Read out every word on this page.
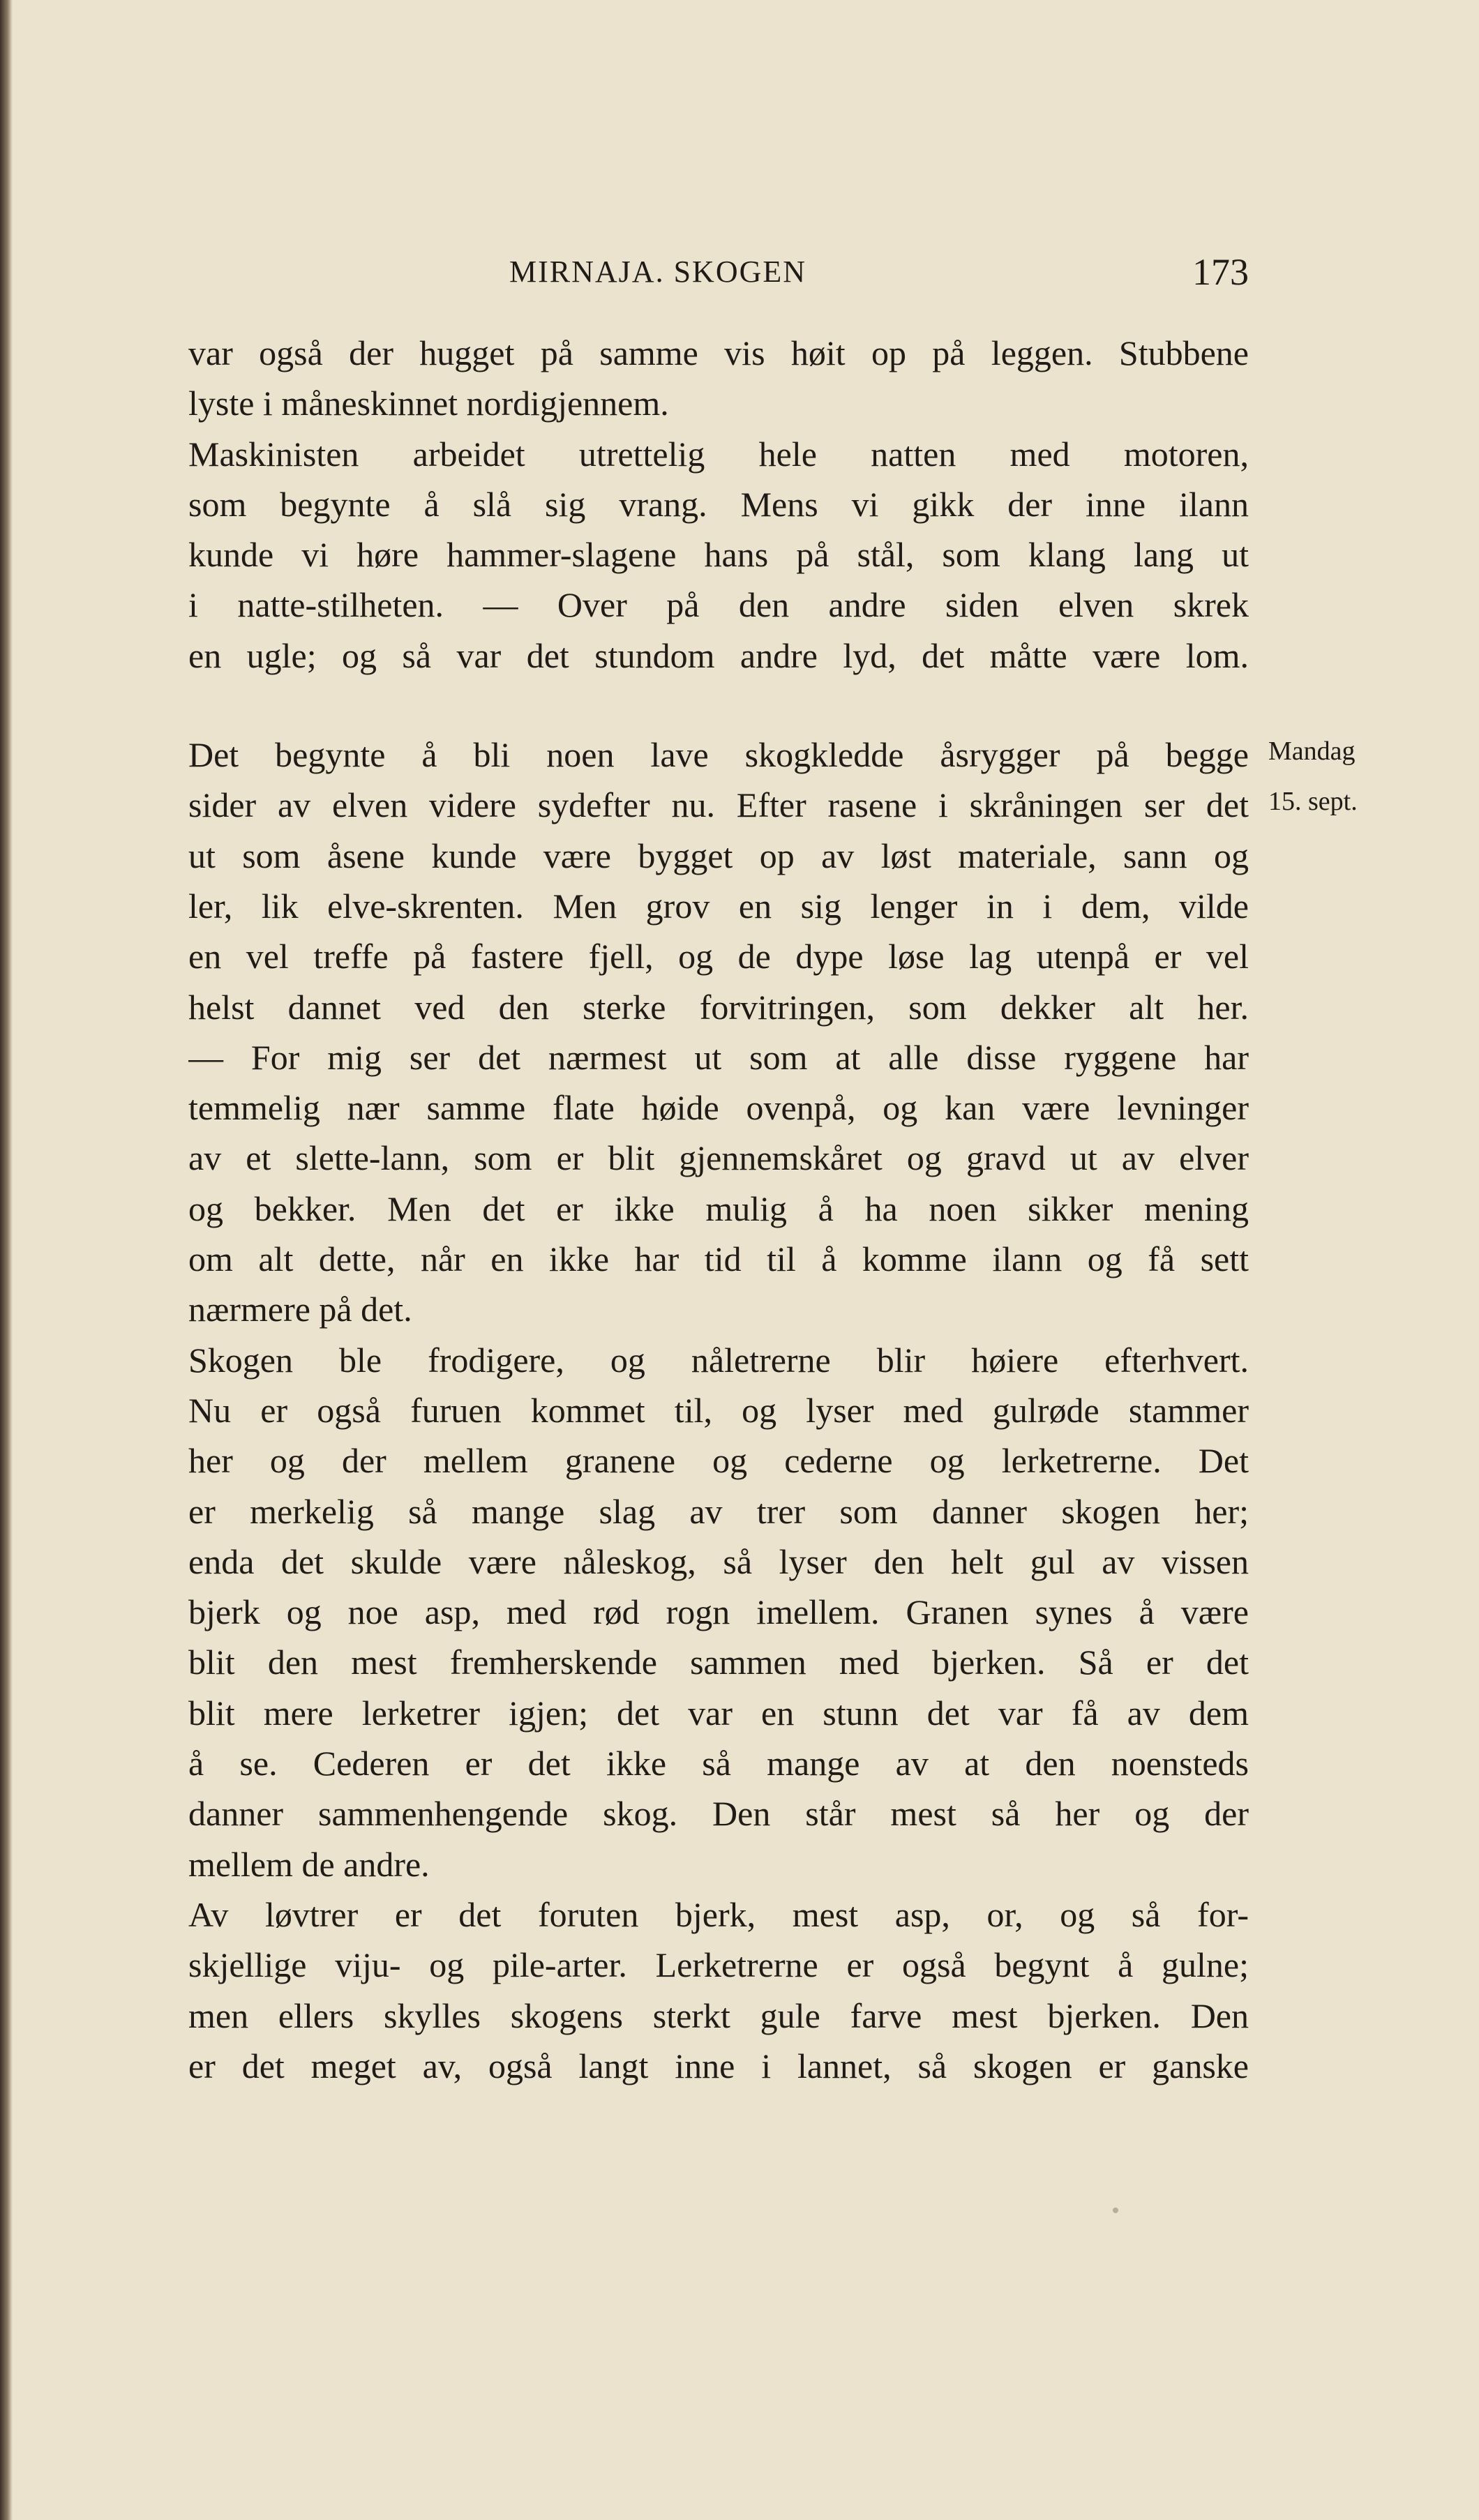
MIRNAJA. SKOGEN	173
Mandag
15. sept.
var også der hugget på samme vis høit op på leggen. Stubbene
lyste i måneskinnet nordigjennem.
Maskinisten arbeidet utrettelig hele natten med motoren,
som begynte å slå sig vrang. Mens vi gikk der inne ilann
kunde vi høre hammer-slagene hans på stål, som klang lang ut
i natte-stilheten. — Over på den andre siden elven skrek
en ugle; og så var det stundom andre lyd, det måtte være lom.
Det begynte å bli noen lave skogkledde åsrygger på begge
sider av elven videre sydefter nu. Efter rasene i skråningen ser det
ut som åsene kunde være bygget op av løst materiale, sann og
ler, lik elve-skrenten. Men grov en sig lenger in i dem, vilde
en vel treffe på fastere fjell, og de dype løse lag utenpå er vel
helst dannet ved den sterke forvitringen, som dekker alt her.
— For mig ser det nærmest ut som at alle disse ryggene har
temmelig nær samme flate høide ovenpå, og kan være levninger
av et slette-lann, som er blit gjennemskåret og gravd ut av elver
og bekker. Men det er ikke mulig å ha noen sikker mening
om alt dette, når en ikke har tid til å komme ilann og få sett
nærmere på det.
Skogen ble frodigere, og nåletrerne blir høiere efterhvert.
Nu er også furuen kommet til, og lyser med gulrøde stammer
her og der mellem granene og cederne og lerketrerne. Det
er merkelig så mange slag av trer som danner skogen her;
enda det skulde være nåleskog, så lyser den helt gul av vissen
bjerk og noe asp, med rød rogn imellem. Granen synes å være
blit den mest fremherskende sammen med bjerken. Så er det
blit mere lerketrer igjen; det var en stunn det var få av dem
å se. Cederen er det ikke så mange av at den noensteds
danner sammenhengende skog. Den står mest så her og der
mellem de andre.
Av løvtrer er det foruten bjerk, mest asp, or, og så for-
skjellige viju- og pile-arter. Lerketrerne er også begynt å gulne;
men ellers skylles skogens sterkt gule farve mest bjerken. Den
er det meget av, også langt inne i lannet, så skogen er ganske
